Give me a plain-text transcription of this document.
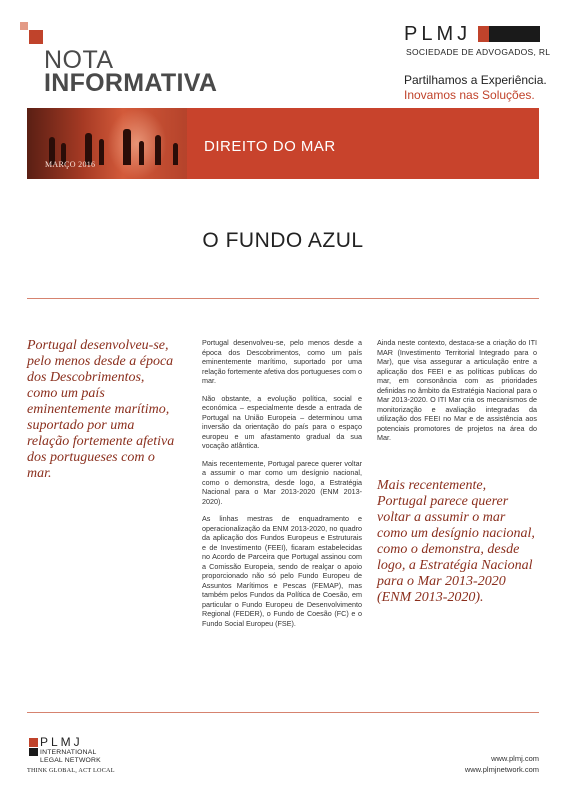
NOTA
INFORMATIVA
PLMJ
SOCIEDADE DE ADVOGADOS, RL
Partilhamos a Experiência.
Inovamos nas Soluções.
MARÇO 2016
DIREITO DO MAR
O FUNDO AZUL
Portugal desenvolveu-se, pelo menos desde a época dos Descobrimentos, como um país eminentemente marítimo, suportado por uma relação fortemente afetiva dos portugueses com o mar.

Portugal desenvolveu-se, pelo menos desde a época dos Descobrimentos, como um país eminentemente marítimo, suportado por uma relação fortemente afetiva dos portugueses com o mar.

Não obstante, a evolução política, social e económica – especialmente desde a entrada de Portugal na União Europeia – determinou uma inversão da orientação do país para o espaço europeu e um afastamento gradual da sua vocação atlântica.

Mais recentemente, Portugal parece querer voltar a assumir o mar como um desígnio nacional, como o demonstra, desde logo, a Estratégia Nacional para o Mar 2013-2020 (ENM 2013-2020).

As linhas mestras de enquadramento e operacionalização da ENM 2013-2020, no quadro da aplicação dos Fundos Europeus e Estruturais e de Investimento (FEEI), ficaram estabelecidas no Acordo de Parceira que Portugal assinou com a Comissão Europeia, sendo de realçar o apoio proporcionado não só pelo Fundo Europeu de Assuntos Marítimos e Pescas (FEMAP), mas também pelos Fundos da Política de Coesão, em particular o Fundo Europeu de Desenvolvimento Regional (FEDER), o Fundo de Coesão (FC) e o Fundo Social Europeu (FSE).

Ainda neste contexto, destaca-se a criação do ITI MAR (Investimento Territorial Integrado para o Mar), que visa assegurar a articulação entre a aplicação dos FEEI e as políticas publicas do mar, em consonância com as prioridades definidas no âmbito da Estratégia Nacional para o Mar 2013-2020. O ITI Mar cria os mecanismos de monitorização e avaliação integradas da utilização dos FEEI no Mar e de assistência aos potenciais promotores de projetos na área do Mar.

Mais recentemente, Portugal parece querer voltar a assumir o mar como um desígnio nacional, como o demonstra, desde logo, a Estratégia Nacional para o Mar 2013-2020 (ENM 2013-2020).
PLMJ
INTERNATIONAL
LEGAL NETWORK
THINK GLOBAL, ACT LOCAL
www.plmj.com
www.plmjnetwork.com
